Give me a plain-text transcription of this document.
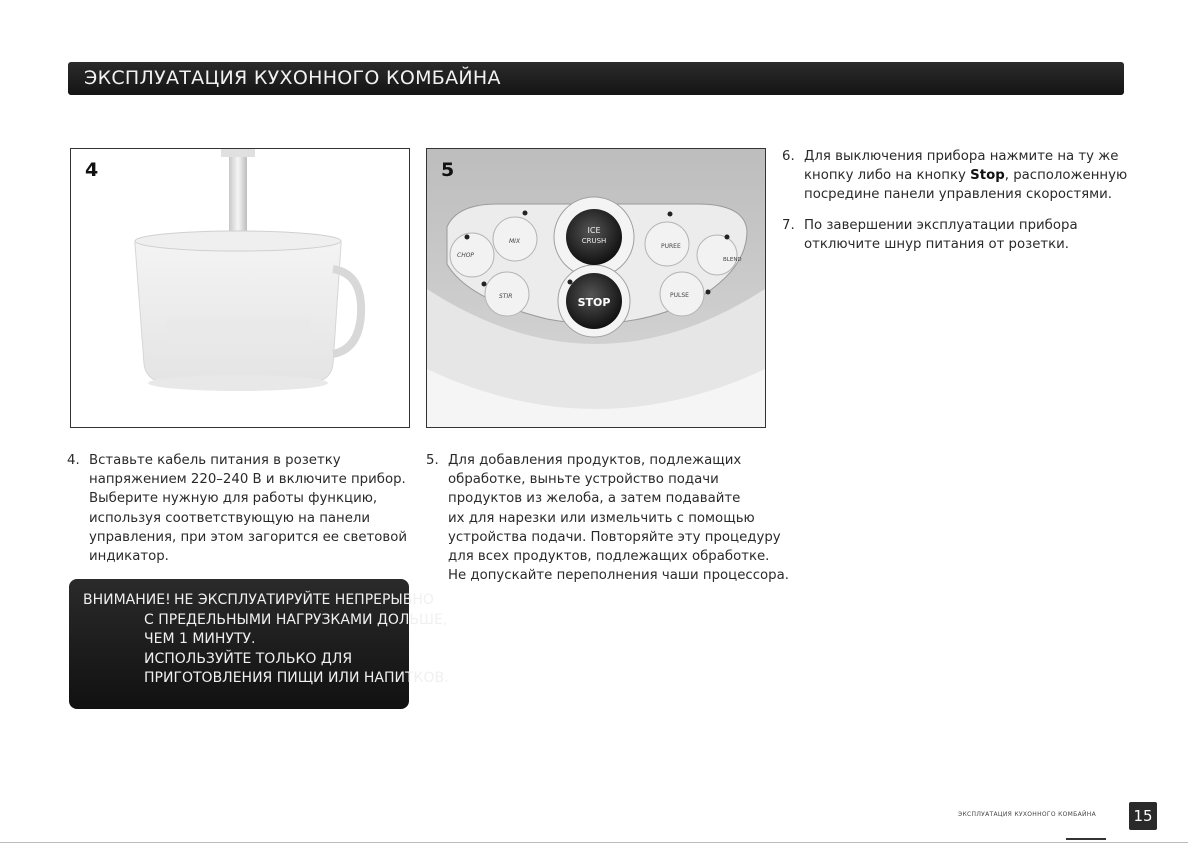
ЭКСПЛУАТАЦИЯ КУХОННОГО КОМБАЙНА
4	5
ICE
CRUSH
STOP
CHOP
MIX
STIR
PUREE
BLEND
PULSE
4. Вставьте кабель питания в розетку
напряжением 220–240 В и включите прибор.
Выберите нужную для работы функцию,
используя соответствующую на панели
управления, при этом загорится ее световой
индикатор.
5. Для добавления продуктов, подлежащих
обработке, выньте устройство подачи
продуктов из желоба, а затем подавайте
их для нарезки или измельчить с помощью
устройства подачи. Повторяйте эту процедуру
для всех продуктов, подлежащих обработке.
Не допускайте переполнения чаши процессора.
6. Для выключения прибора нажмите на ту же
кнопку либо на кнопку Stop, расположенную
посредине панели управления скоростями.
7. По завершении эксплуатации прибора
отключите шнур питания от розетки.
ВНИМАНИЕ! НЕ ЭКСПЛУАТИРУЙТЕ НЕПРЕРЫВНО
С ПРЕДЕЛЬНЫМИ НАГРУЗКАМИ ДОЛЬШЕ,
ЧЕМ 1 МИНУТУ.
ИСПОЛЬЗУЙТЕ ТОЛЬКО ДЛЯ
ПРИГОТОВЛЕНИЯ ПИЩИ ИЛИ НАПИТКОВ.
ЭКСПЛУАТАЦИЯ КУХОННОГО КОМБАЙНА 15
